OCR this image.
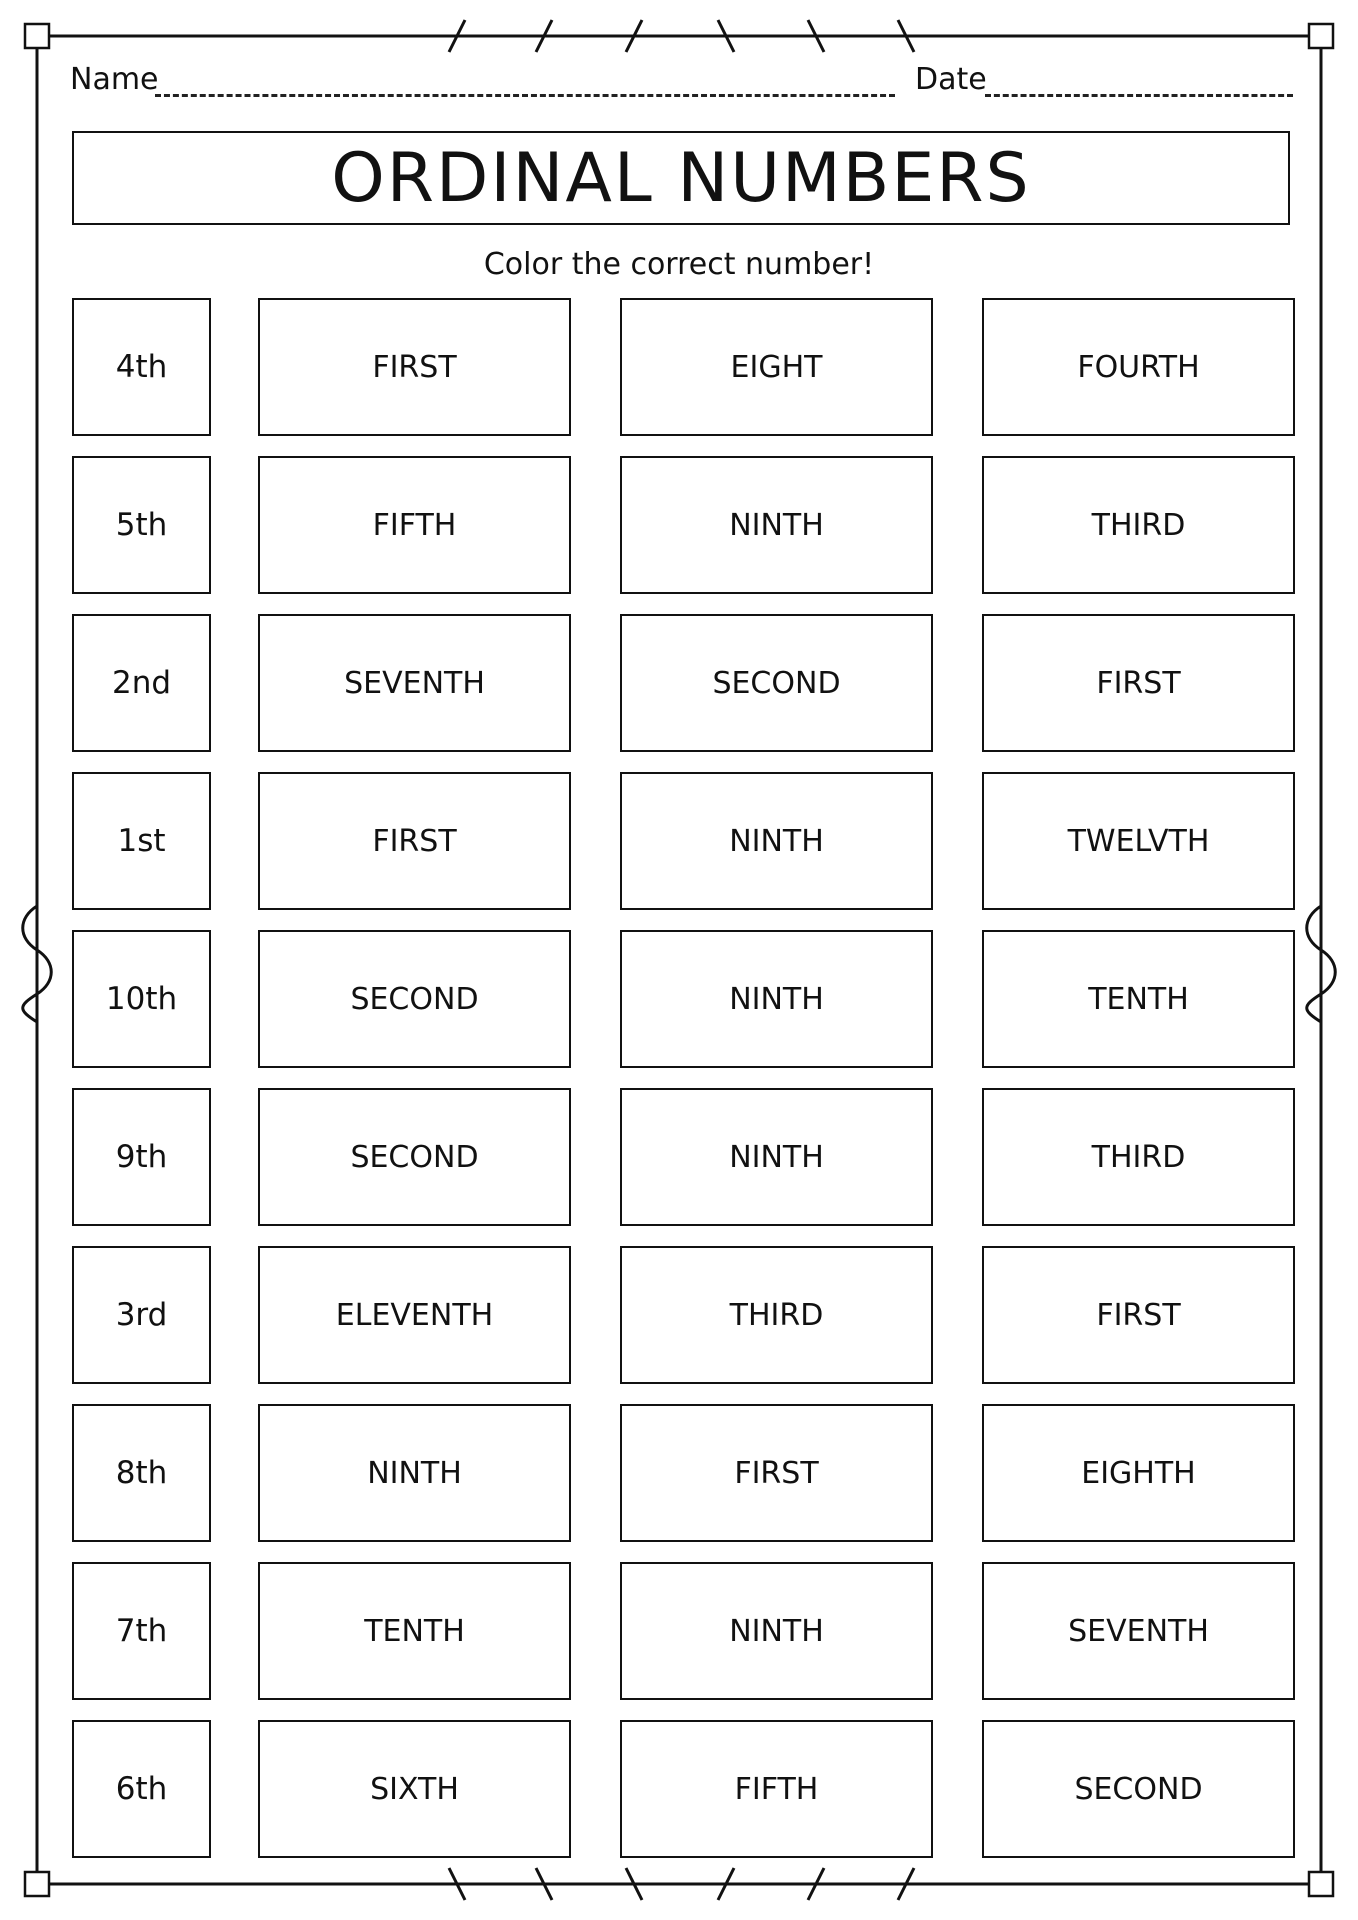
Name	Date
ORDINAL NUMBERS
Color the correct number!
4th	FIRST	EIGHT	FOURTH
5th	FIFTH	NINTH	THIRD
2nd	SEVENTH	SECOND	FIRST
1st	FIRST	NINTH	TWELVTH
10th	SECOND	NINTH	TENTH
9th	SECOND	NINTH	THIRD
3rd	ELEVENTH	THIRD	FIRST
8th	NINTH	FIRST	EIGHTH
7th	TENTH	NINTH	SEVENTH
6th	SIXTH	FIFTH	SECOND
